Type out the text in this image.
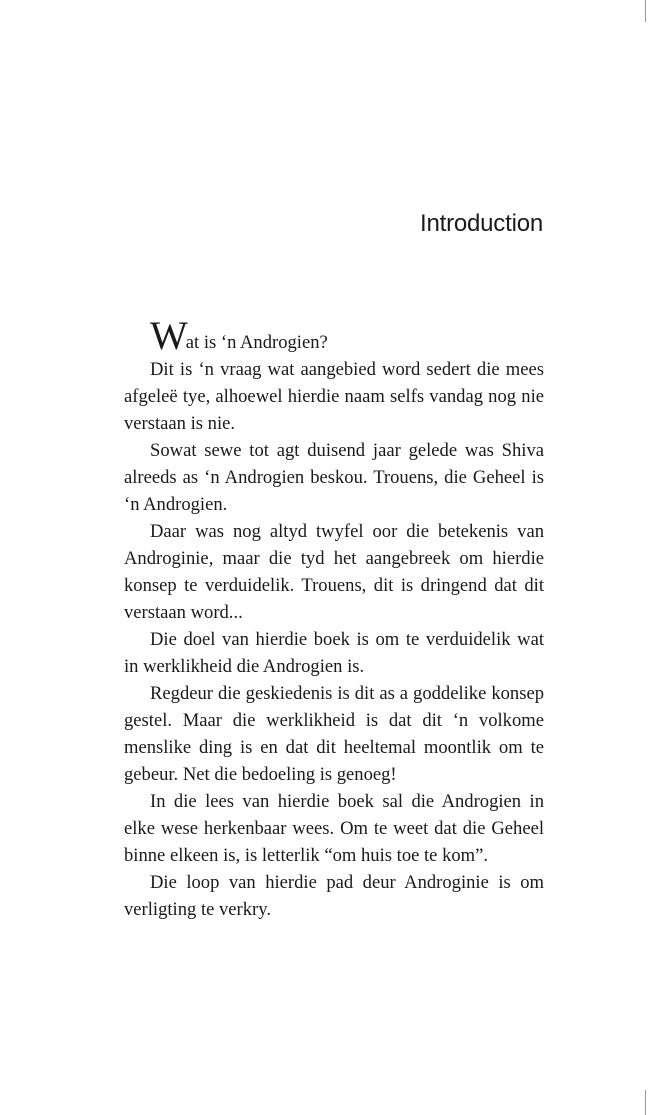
Introduction

Wat is ‘n Androgien?

Dit is ‘n vraag wat aangebied word sedert die mees afgeleë tye, alhoewel hierdie naam selfs vandag nog nie verstaan is nie.

Sowat sewe tot agt duisend jaar gelede was Shiva alreeds as ‘n Androgien beskou. Trouens, die Geheel is ‘n Androgien.

Daar was nog altyd twyfel oor die betekenis van Androginie, maar die tyd het aangebreek om hierdie konsep te verduidelik. Trouens, dit is dringend dat dit verstaan word...

Die doel van hierdie boek is om te verduidelik wat in werklikheid die Androgien is.

Regdeur die geskiedenis is dit as a goddelike konsep gestel. Maar die werklikheid is dat dit ‘n volkome menslike ding is en dat dit heeltemal moontlik om te gebeur. Net die bedoeling is genoeg!

In die lees van hierdie boek sal die Androgien in elke wese herkenbaar wees. Om te weet dat die Geheel binne elkeen is, is letterlik “om huis toe te kom”.

Die loop van hierdie pad deur Androginie is om verligting te verkry.
